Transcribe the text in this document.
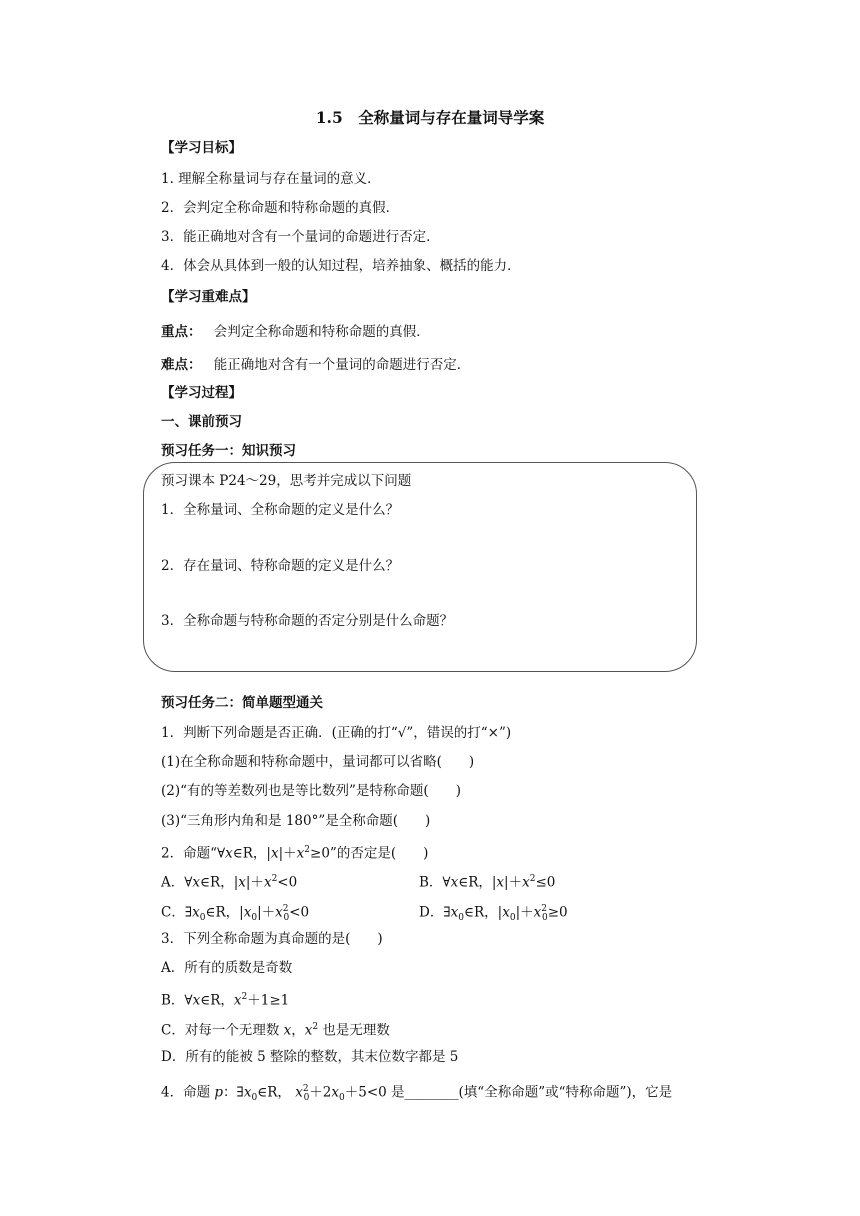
1.5　全称量词与存在量词导学案
【学习目标】
1. 理解全称量词与存在量词的意义．
2．会判定全称命题和特称命题的真假．
3．能正确地对含有一个量词的命题进行否定．
4．体会从具体到一般的认知过程，培养抽象、概括的能力．
【学习重难点】
重点： 会判定全称命题和特称命题的真假．
难点： 能正确地对含有一个量词的命题进行否定．
【学习过程】
一、课前预习
预习任务一：知识预习
预习课本 P24～29，思考并完成以下问题
1．全称量词、全称命题的定义是什么？
2．存在量词、特称命题的定义是什么？
3．全称命题与特称命题的否定分别是什么命题？
预习任务二：简单题型通关
1．判断下列命题是否正确．(正确的打“√”，错误的打“×”)
(1)在全称命题和特称命题中，量词都可以省略(　　)
(2)“有的等差数列也是等比数列”是特称命题(　　)
(3)“三角形内角和是 180°”是全称命题(　　)
2．命题“∀x∈R，$|x|+x^2\ge 0$”的否定是(　　)
A．∀x∈R，$|x|+x^2<0$	B．∀x∈R，$|x|+x^2\le 0$
C．$\exists x_0\in R$，$|x_0|+x^2_0<0$	D．$\exists x_0\in R$，$|x_0|+x^2_0\ge 0$
3．下列全称命题为真命题的是(　　)
A．所有的质数是奇数
B．∀x∈R，$x^2+1\ge 1$
C．对每一个无理数 x，$x^2$ 也是无理数
D．所有的能被 5 整除的整数，其末位数字都是 5
4．命题 p：$\exists x_0\in R$， $x^2_0+2x_0+5<0$ 是________(填“全称命题”或“特称命题”)，它是
